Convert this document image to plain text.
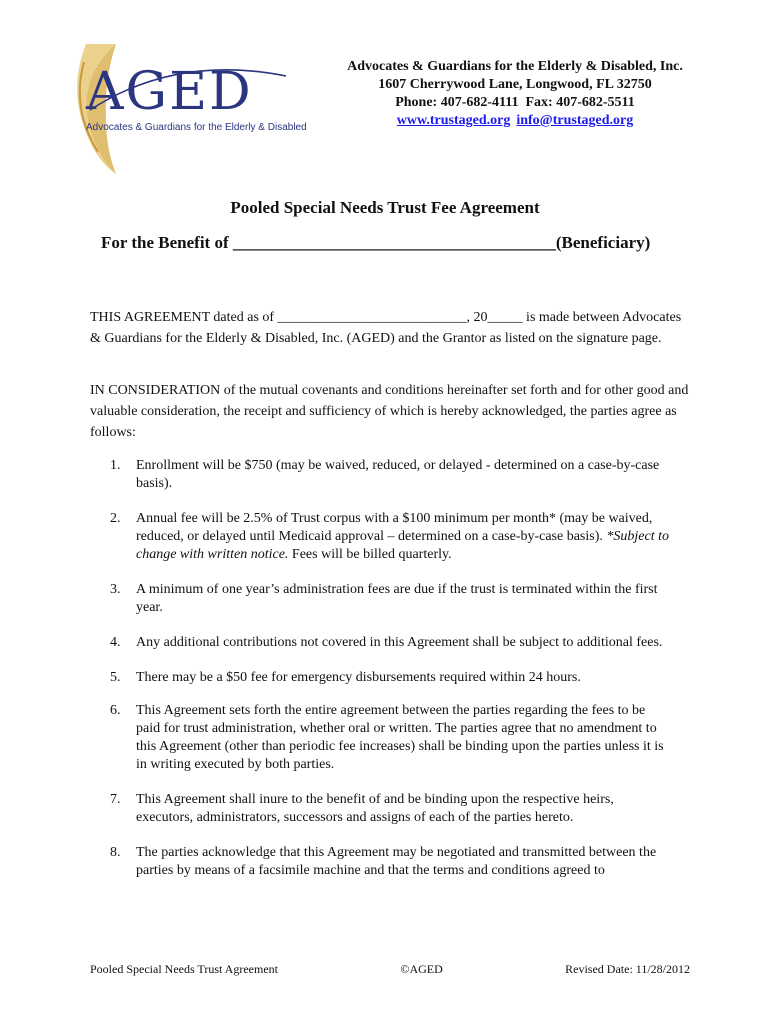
AGED
Advocates & Guardians for the Elderly & Disabled
Advocates & Guardians for the Elderly & Disabled, Inc.
1607 Cherrywood Lane, Longwood, FL 32750
Phone: 407-682-4111  Fax: 407-682-5511
www.trustaged.org info@trustaged.org
Pooled Special Needs Trust Fee Agreement
For the Benefit of ______________________________________(Beneficiary)
THIS AGREEMENT dated as of ___________________________, 20_____ is made between Advocates & Guardians for the Elderly & Disabled, Inc. (AGED) and the Grantor as listed on the signature page.
IN CONSIDERATION of the mutual covenants and conditions hereinafter set forth and for other good and valuable consideration, the receipt and sufficiency of which is hereby acknowledged, the parties agree as follows:
1. Enrollment will be $750 (may be waived, reduced, or delayed - determined on a case-by-case basis).
2. Annual fee will be 2.5% of Trust corpus with a $100 minimum per month* (may be waived, reduced, or delayed until Medicaid approval – determined on a case-by-case basis). *Subject to change with written notice. Fees will be billed quarterly.
3. A minimum of one year’s administration fees are due if the trust is terminated within the first year.
4. Any additional contributions not covered in this Agreement shall be subject to additional fees.
5. There may be a $50 fee for emergency disbursements required within 24 hours.
6. This Agreement sets forth the entire agreement between the parties regarding the fees to be paid for trust administration, whether oral or written. The parties agree that no amendment to this Agreement (other than periodic fee increases) shall be binding upon the parties unless it is in writing executed by both parties.
7. This Agreement shall inure to the benefit of and be binding upon the respective heirs, executors, administrators, successors and assigns of each of the parties hereto.
8. The parties acknowledge that this Agreement may be negotiated and transmitted between the parties by means of a facsimile machine and that the terms and conditions agreed to
Pooled Special Needs Trust Agreement	©AGED	Revised Date: 11/28/2012
